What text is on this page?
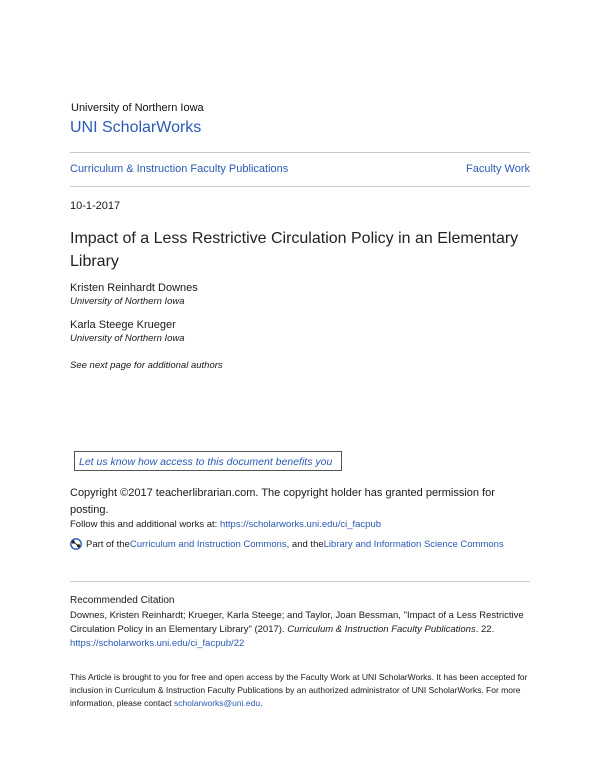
University of Northern Iowa
UNI ScholarWorks
Curriculum & Instruction Faculty Publications	Faculty Work
10-1-2017
Impact of a Less Restrictive Circulation Policy in an Elementary Library
Kristen Reinhardt Downes
University of Northern Iowa
Karla Steege Krueger
University of Northern Iowa
See next page for additional authors
Let us know how access to this document benefits you
Copyright ©2017 teacherlibrarian.com. The copyright holder has granted permission for posting.
Follow this and additional works at: https://scholarworks.uni.edu/ci_facpub
Part of the Curriculum and Instruction Commons , and the Library and Information Science Commons
Recommended Citation
Downes, Kristen Reinhardt; Krueger, Karla Steege; and Taylor, Joan Bessman, "Impact of a Less Restrictive Circulation Policy in an Elementary Library" (2017). Curriculum & Instruction Faculty Publications. 22.
https://scholarworks.uni.edu/ci_facpub/22
This Article is brought to you for free and open access by the Faculty Work at UNI ScholarWorks. It has been accepted for inclusion in Curriculum & Instruction Faculty Publications by an authorized administrator of UNI ScholarWorks. For more information, please contact scholarworks@uni.edu.
